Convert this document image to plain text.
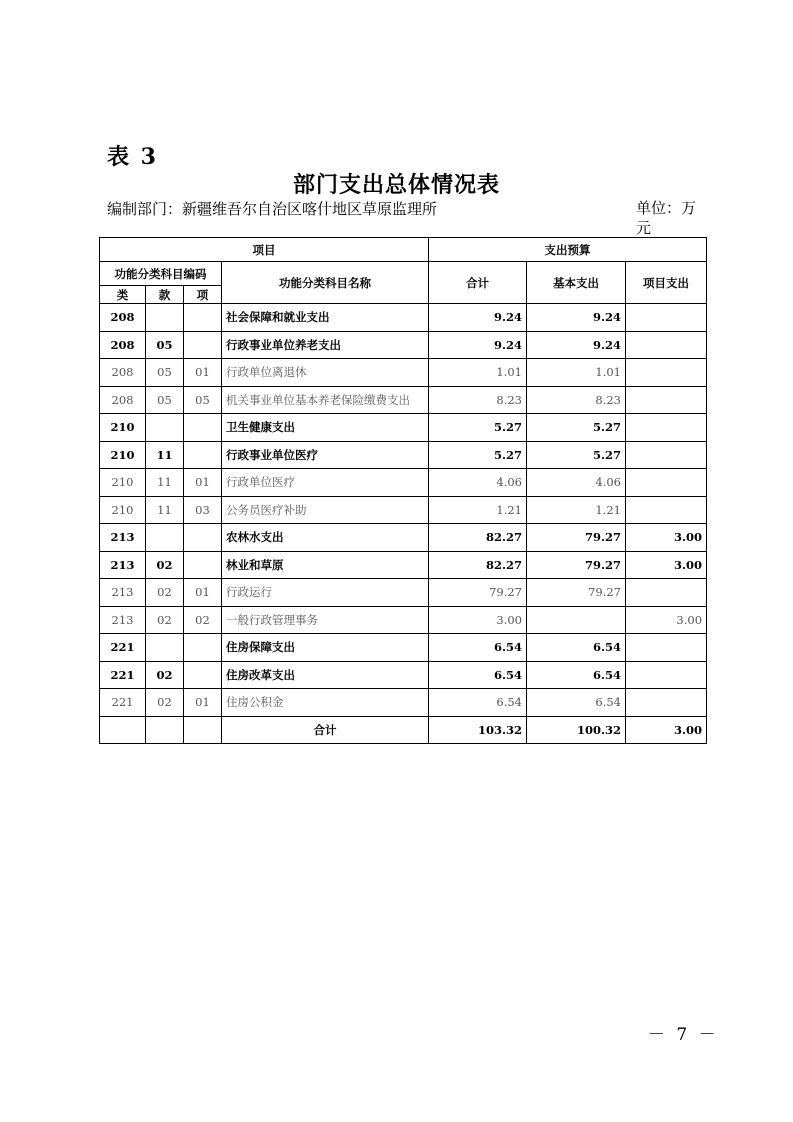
表 3
部门支出总体情况表
编制部门：新疆维吾尔自治区喀什地区草原监理所	单位：万元
项目				支出预算		
功能分类科目编码			功能分类科目名称	合计	基本支出	项目支出
类	款	项				
208			社会保障和就业支出	9.24	9.24	
208	05		行政事业单位养老支出	9.24	9.24	
208	05	01	行政单位离退休	1.01	1.01	
208	05	05	机关事业单位基本养老保险缴费支出	8.23	8.23	
210			卫生健康支出	5.27	5.27	
210	11		行政事业单位医疗	5.27	5.27	
210	11	01	行政单位医疗	4.06	4.06	
210	11	03	公务员医疗补助	1.21	1.21	
213			农林水支出	82.27	79.27	3.00
213	02		林业和草原	82.27	79.27	3.00
213	02	01	行政运行	79.27	79.27	
213	02	02	一般行政管理事务	3.00		3.00
221			住房保障支出	6.54	6.54	
221	02		住房改革支出	6.54	6.54	
221	02	01	住房公积金	6.54	6.54	
			合计	103.32	100.32	3.00
－ 7 －
